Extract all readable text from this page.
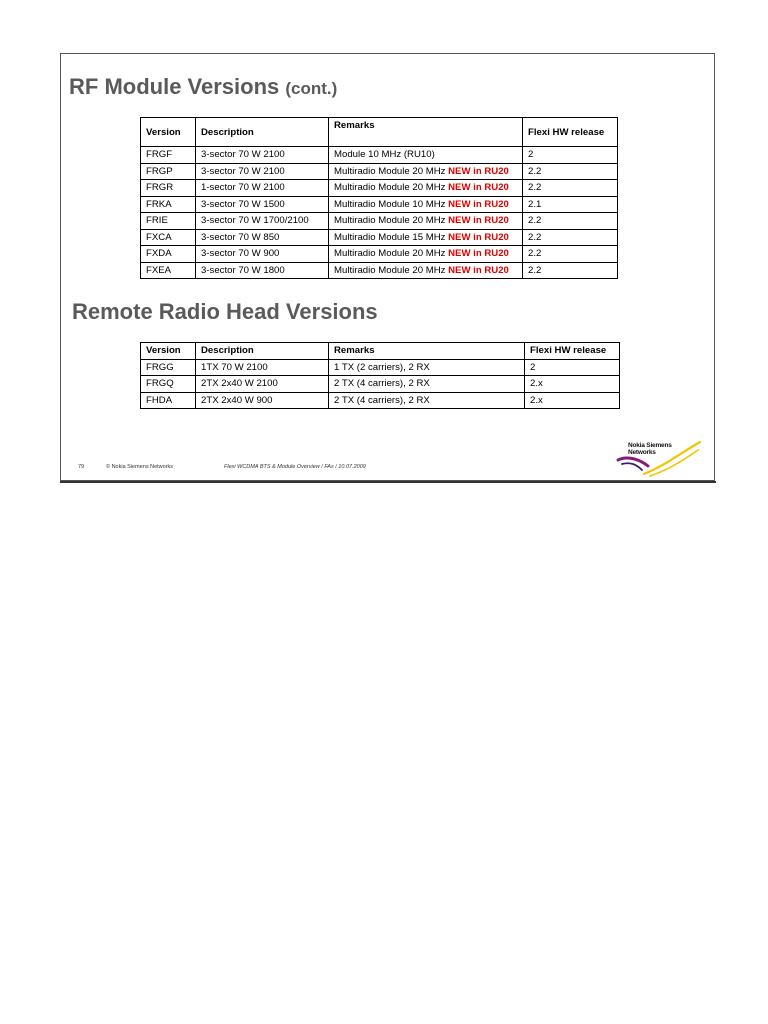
RF Module Versions (cont.)
Version	Description	Remarks	Flexi HW release
FRGF	3-sector 70 W 2100	Module 10 MHz (RU10)	2
FRGP	3-sector 70 W 2100	Multiradio Module 20 MHz NEW in RU20	2.2
FRGR	1-sector 70 W 2100	Multiradio Module 20 MHz NEW in RU20	2.2
FRKA	3-sector 70 W 1500	Multiradio Module 10 MHz NEW in RU20	2.1
FRIE	3-sector 70 W 1700/2100	Multiradio Module 20 MHz NEW in RU20	2.2
FXCA	3-sector 70 W 850	Multiradio Module 15 MHz NEW in RU20	2.2
FXDA	3-sector 70 W 900	Multiradio Module 20 MHz NEW in RU20	2.2
FXEA	3-sector 70 W 1800	Multiradio Module 20 MHz NEW in RU20	2.2
Remote Radio Head Versions
Version	Description	Remarks	Flexi HW release
FRGG	1TX 70 W 2100	1 TX (2 carriers), 2 RX	2
FRGQ	2TX 2x40 W 2100	2 TX (4 carriers), 2 RX	2.x
FHDA	2TX 2x40 W 900	2 TX (4 carriers), 2 RX	2.x
79	© Nokia Siemens Networks	Flexi WCDMA BTS & Module Overview / FAs / 10.07.2009
Nokia Siemens
Networks
